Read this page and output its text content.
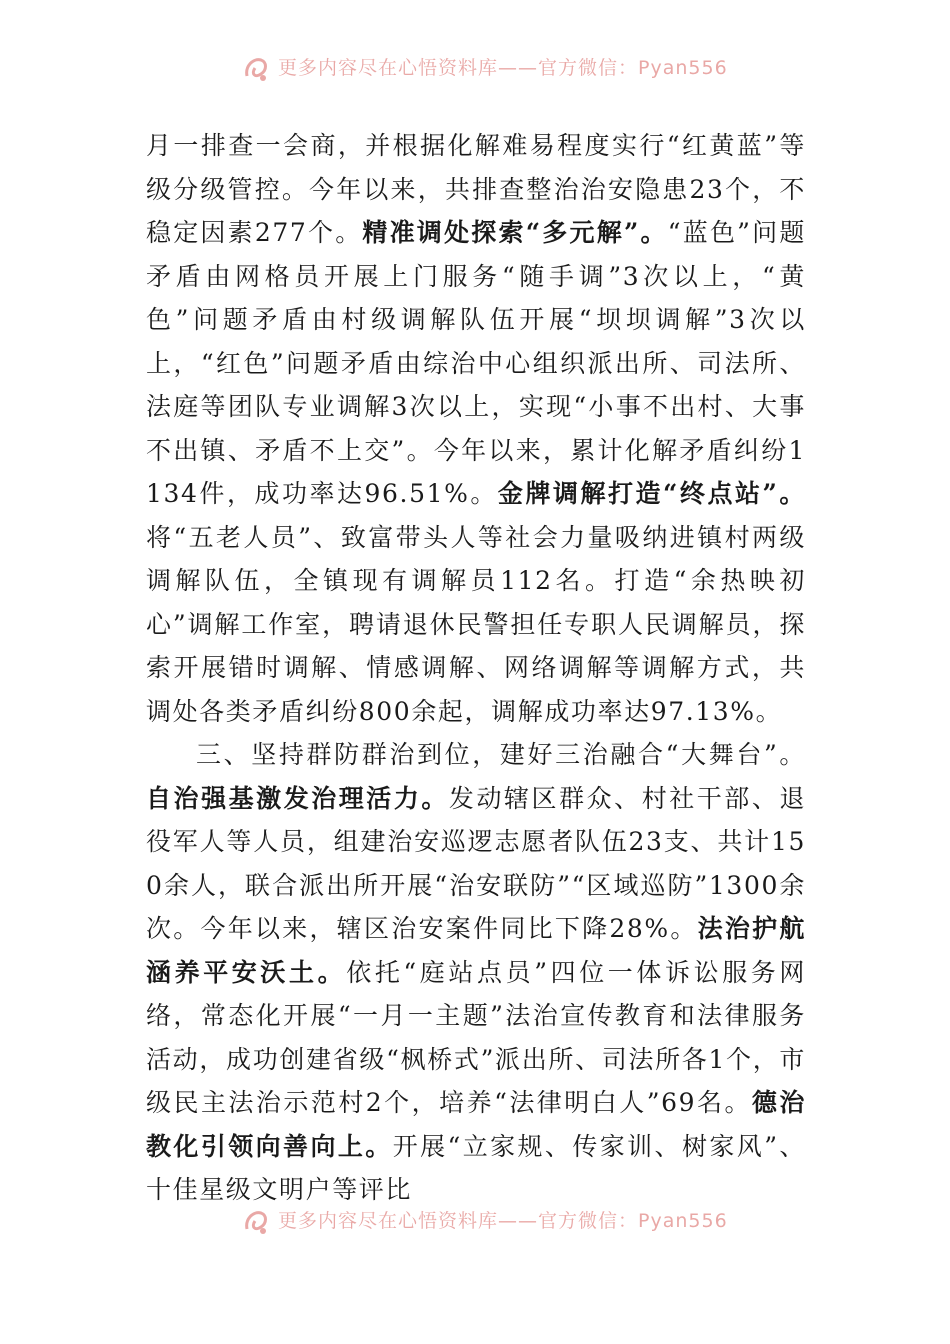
更多内容尽在心悟资料库——官方微信：Pyan556

月一排查一会商，并根据化解难易程度实行“红黄蓝”等级分级管控。今年以来，共排查整治治安隐患23个，不稳定因素277个。精准调处探索“多元解”。“蓝色”问题矛盾由网格员开展上门服务“随手调”3次以上，“黄色”问题矛盾由村级调解队伍开展“坝坝调解”3次以上，“红色”问题矛盾由综治中心组织派出所、司法所、法庭等团队专业调解3次以上，实现“小事不出村、大事不出镇、矛盾不上交”。今年以来，累计化解矛盾纠纷1134件，成功率达96.51%。金牌调解打造“终点站”。将“五老人员”、致富带头人等社会力量吸纳进镇村两级调解队伍，全镇现有调解员112名。打造“余热映初心”调解工作室，聘请退休民警担任专职人民调解员，探索开展错时调解、情感调解、网络调解等调解方式，共调处各类矛盾纠纷800余起，调解成功率达97.13%。

三、坚持群防群治到位，建好三治融合“大舞台”。自治强基激发治理活力。发动辖区群众、村社干部、退役军人等人员，组建治安巡逻志愿者队伍23支、共计150余人，联合派出所开展“治安联防”“区域巡防”1300余次。今年以来，辖区治安案件同比下降28%。法治护航涵养平安沃土。依托“庭站点员”四位一体诉讼服务网络，常态化开展“一月一主题”法治宣传教育和法律服务活动，成功创建省级“枫桥式”派出所、司法所各1个，市级民主法治示范村2个，培养“法律明白人”69名。德治教化引领向善向上。开展“立家规、传家训、树家风”、十佳星级文明户等评比

更多内容尽在心悟资料库——官方微信：Pyan556
